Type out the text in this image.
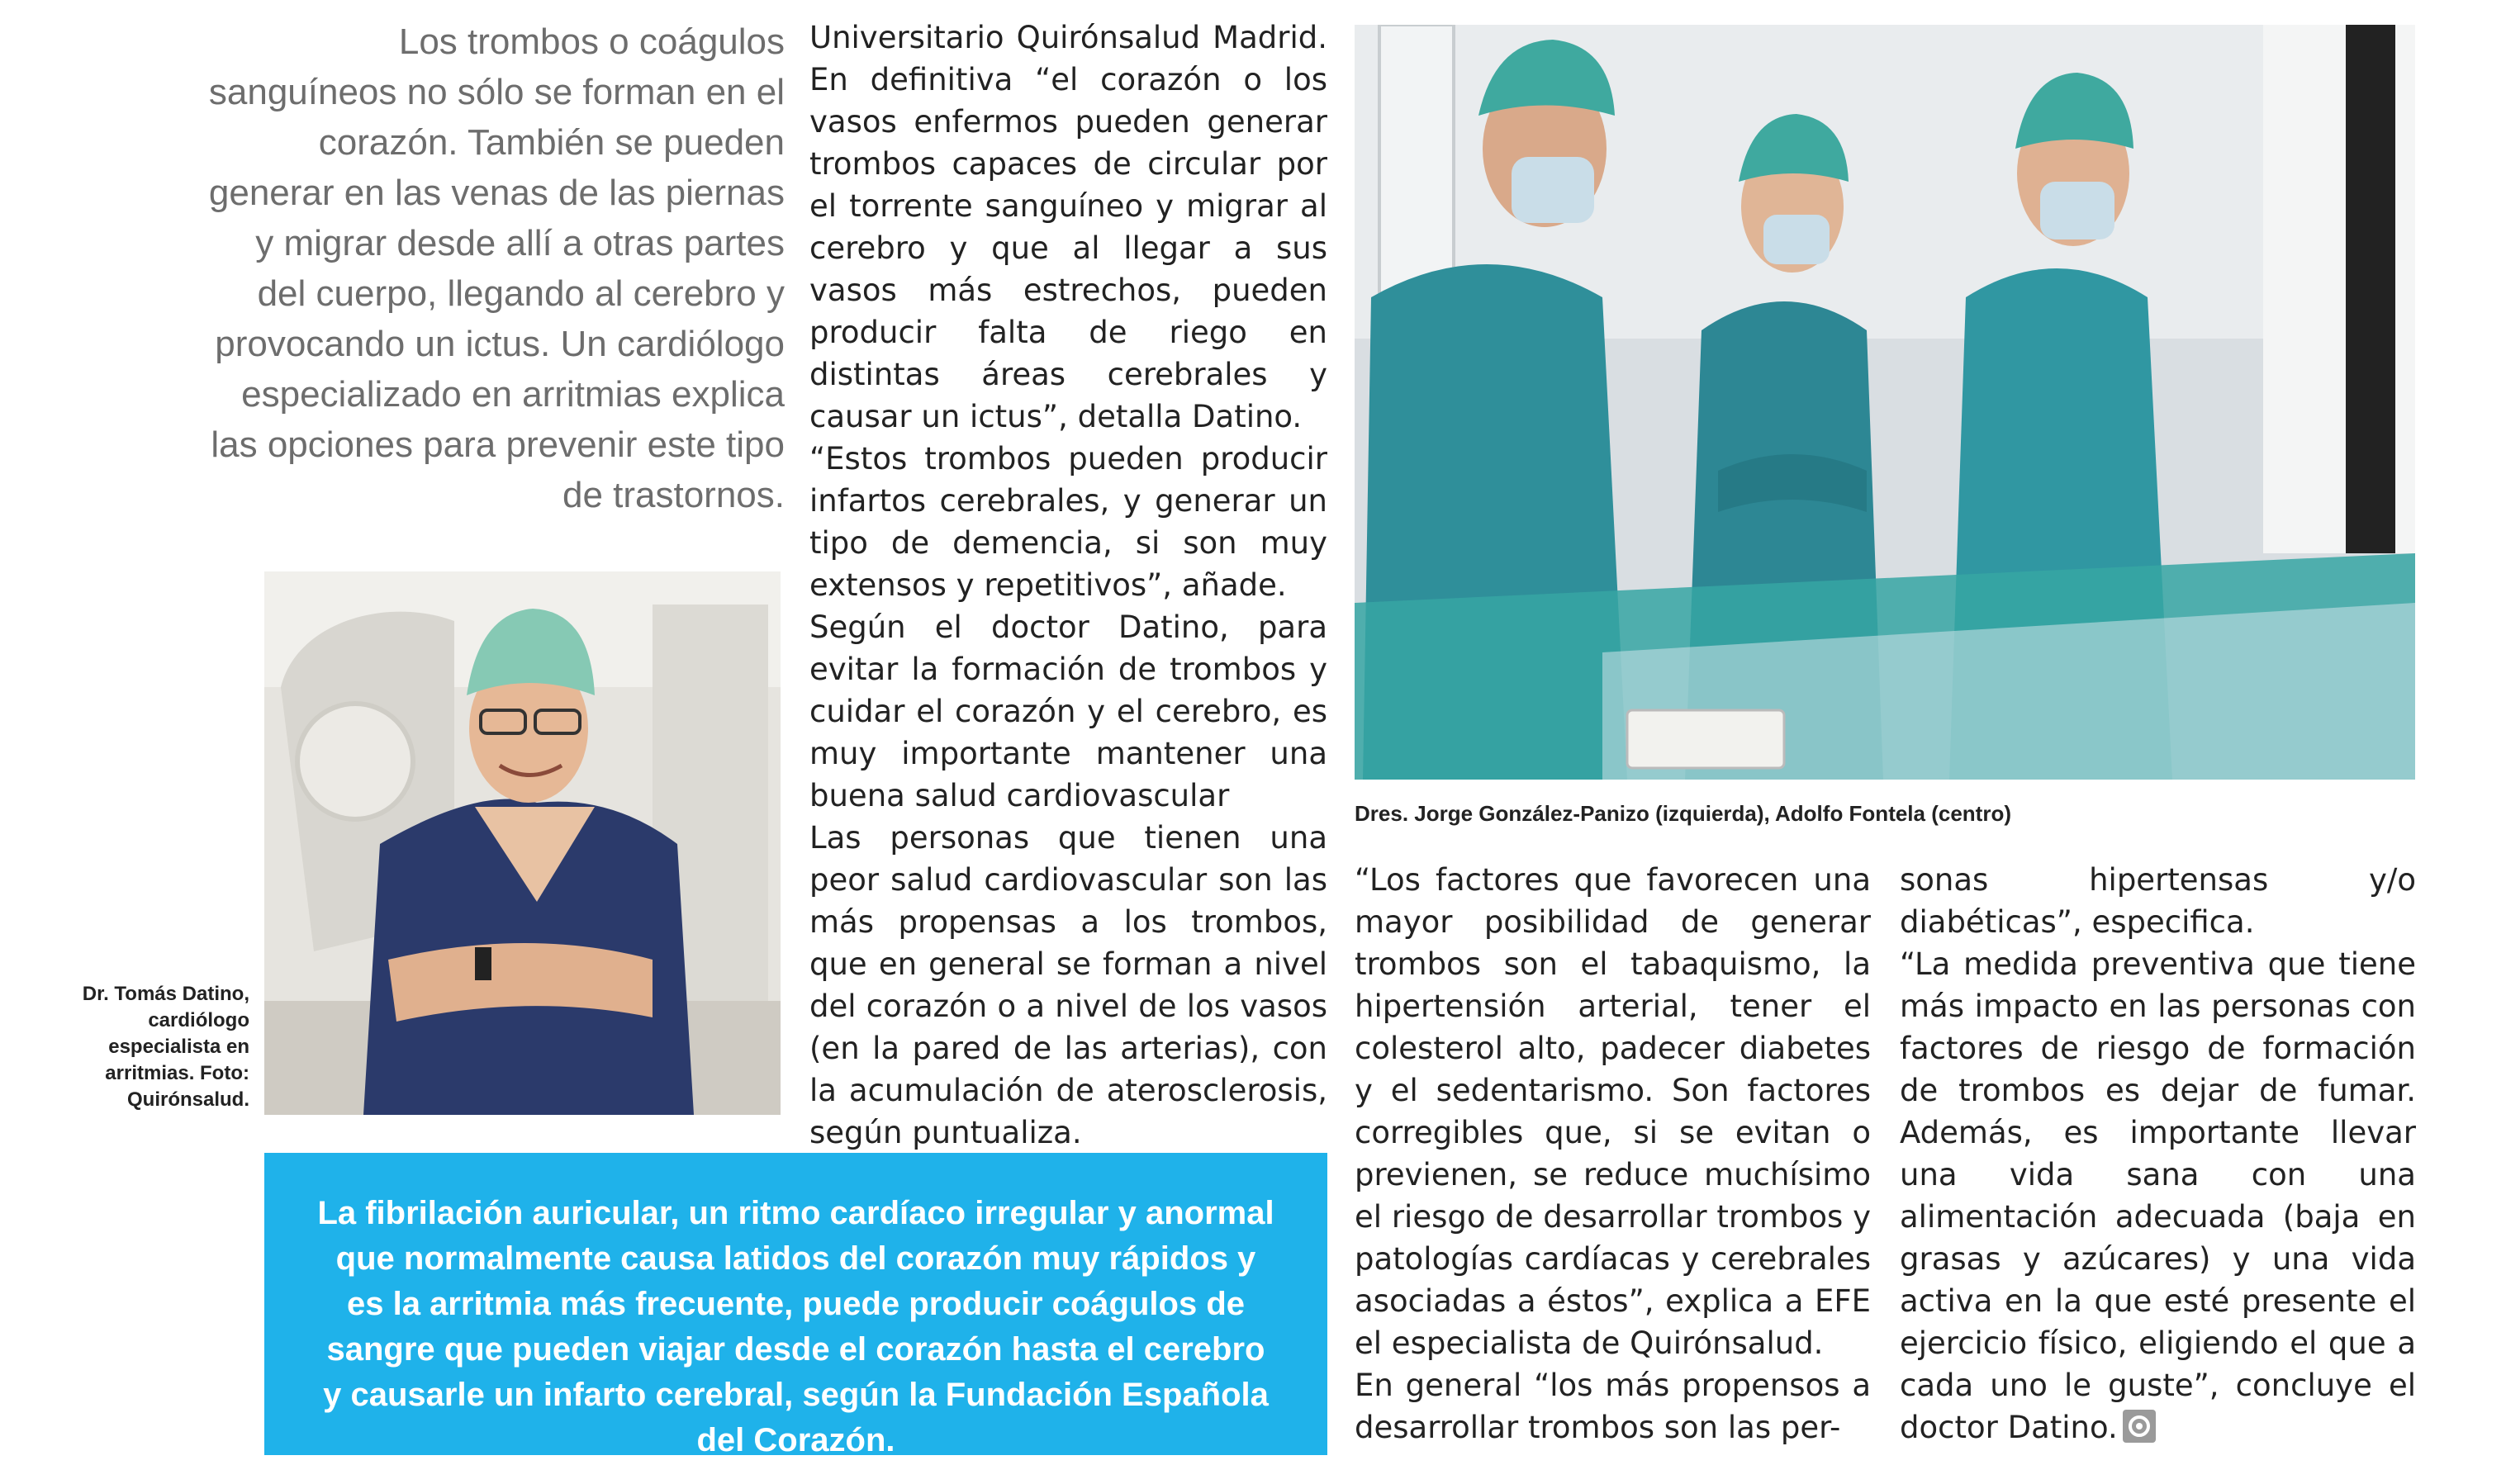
Los trombos o coágulos sanguíneos no sólo se forman en el corazón. También se pueden generar en las venas de las piernas y migrar desde allí a otras partes del cuerpo, llegando al cerebro y provocando un ictus. Un cardiólogo especializado en arritmias explica las opciones para prevenir este tipo de trastornos.
Dr. Tomás Datino, cardiólogo especialista en arritmias. Foto: Quirónsalud.

Universitario Quirónsalud Madrid. En definitiva “el corazón o los vasos enfermos pueden generar trombos capaces de circular por el torrente sanguíneo y migrar al cerebro y que al llegar a sus vasos más estrechos, pueden producir falta de riego en distintas áreas cerebrales y causar un ictus”, detalla Datino.

“Estos trombos pueden producir infartos cerebrales, y generar un tipo de demencia, si son muy extensos y repetitivos”, añade.

Según el doctor Datino, para evitar la formación de trombos y cuidar el corazón y el cerebro, es muy importante mantener una buena salud cardiovascular

Las personas que tienen una peor salud cardiovascular son las más propensas a los trombos, que en general se forman a nivel del corazón o a nivel de los vasos (en la pared de las arterias), con la acumulación de aterosclerosis, según puntualiza.

Dres. Jorge González-Panizo (izquierda), Adolfo Fontela (centro)

“Los factores que favorecen una mayor posibilidad de generar trombos son el tabaquismo, la hipertensión arterial, tener el colesterol alto, padecer diabetes y el sedentarismo. Son factores corregibles que, si se evitan o previenen, se reduce muchísimo el riesgo de desarrollar trombos y patologías cardíacas y cerebrales asociadas a éstos”, explica a EFE el especialista de Quirónsalud.

En general “los más propensos a desarrollar trombos son las per-

sonas hipertensas y/o diabéticas”, especifica.

“La medida preventiva que tiene más impacto en las personas con factores de riesgo de formación de trombos es dejar de fumar. Además, es importante llevar una vida sana con una alimentación adecuada (baja en grasas y azúcares) y una vida activa en la que esté presente el ejercicio físico, eligiendo el que a cada uno le guste”, concluye el doctor Datino.

La fibrilación auricular, un ritmo cardíaco irregular y anormal que normalmente causa latidos del corazón muy rápidos y es la arritmia más frecuente, puede producir coágulos de sangre que pueden viajar desde el corazón hasta el cerebro y causarle un infarto cerebral, según la Fundación Española del Corazón.
